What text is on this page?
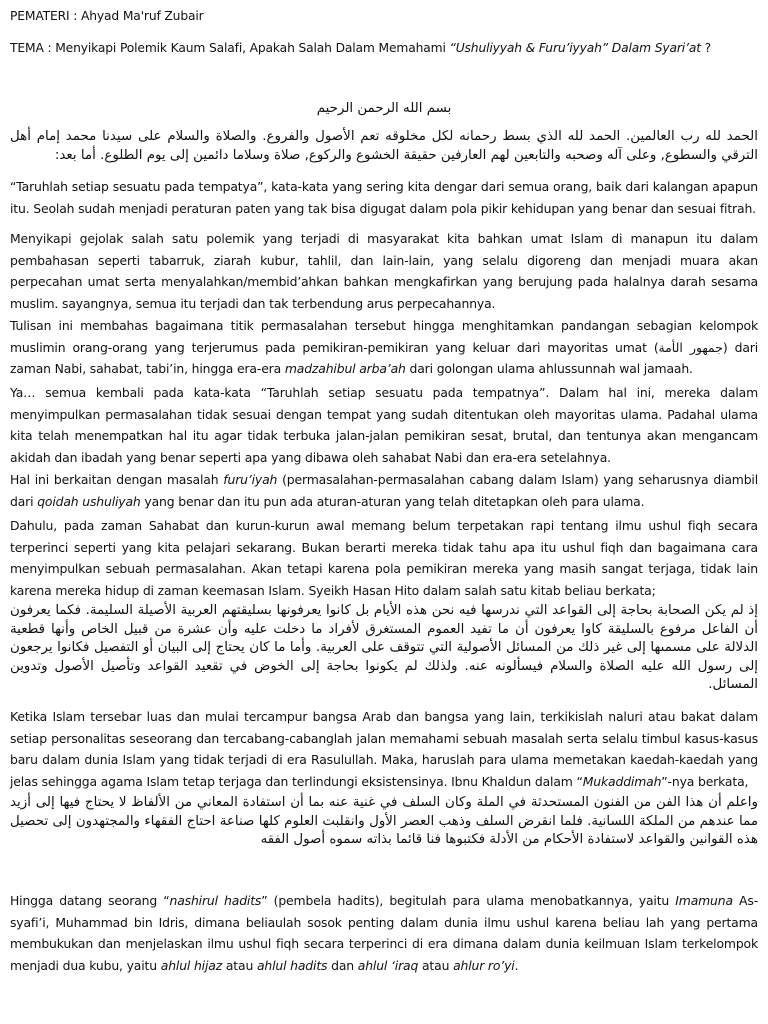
PEMATERI : Ahyad Ma'ruf Zubair
TEMA : Menyikapi Polemik Kaum Salafi, Apakah Salah Dalam Memahami “Ushuliyyah & Furu’iyyah” Dalam Syari’at ?
بسم الله الرحمن الرحيم
الحمد لله رب العالمين. الحمد لله الذي بسط رحمانه لكل مخلوقه تعم الأصول والفروع. والصلاة والسلام على سيدنا محمد إمام أهل الترقي والسطوع, وعلى آله وصحبه والتابعين لهم العارفين حقيقة الخشوع والركوع, صلاة وسلاما دائمين إلى يوم الطلوع. أما بعد:
“Taruhlah setiap sesuatu pada tempatya”, kata-kata yang sering kita dengar dari semua orang, baik dari kalangan apapun itu. Seolah sudah menjadi peraturan paten yang tak bisa digugat dalam pola pikir kehidupan yang benar dan sesuai fitrah.
Menyikapi gejolak salah satu polemik yang terjadi di masyarakat kita bahkan umat Islam di manapun itu dalam pembahasan seperti tabarruk, ziarah kubur, tahlil, dan lain-lain, yang selalu digoreng dan menjadi muara akan perpecahan umat serta menyalahkan/membid’ahkan bahkan mengkafirkan yang berujung pada halalnya darah sesama muslim. sayangnya, semua itu terjadi dan tak terbendung arus perpecahannya.
Tulisan ini membahas bagaimana titik permasalahan tersebut hingga menghitamkan pandangan sebagian kelompok muslimin orang-orang yang terjerumus pada pemikiran-pemikiran yang keluar dari mayoritas umat (جمهور الأمة) dari zaman Nabi, sahabat, tabi’in, hingga era-era madzahibul arba’ah dari golongan ulama ahlussunnah wal jamaah.
Ya… semua kembali pada kata-kata “Taruhlah setiap sesuatu pada tempatnya”. Dalam hal ini, mereka dalam menyimpulkan permasalahan tidak sesuai dengan tempat yang sudah ditentukan oleh mayoritas ulama. Padahal ulama kita telah menempatkan hal itu agar tidak terbuka jalan-jalan pemikiran sesat, brutal, dan tentunya akan mengancam akidah dan ibadah yang benar seperti apa yang dibawa oleh sahabat Nabi dan era-era setelahnya.
Hal ini berkaitan dengan masalah furu’iyah (permasalahan-permasalahan cabang dalam Islam) yang seharusnya diambil dari qoidah ushuliyah yang benar dan itu pun ada aturan-aturan yang telah ditetapkan oleh para ulama.
Dahulu, pada zaman Sahabat dan kurun-kurun awal memang belum terpetakan rapi tentang ilmu ushul fiqh secara terperinci seperti yang kita pelajari sekarang. Bukan berarti mereka tidak tahu apa itu ushul fiqh dan bagaimana cara menyimpulkan sebuah permasalahan. Akan tetapi karena pola pemikiran mereka yang masih sangat terjaga, tidak lain karena mereka hidup di zaman keemasan Islam. Syeikh Hasan Hito dalam salah satu kitab beliau berkata;
إذ لم يكن الصحابة بحاجة إلى القواعد التي ندرسها فيه نحن هذه الأيام بل كانوا يعرفونها بسليقتهم العربية الأصيلة السليمة. فكما يعرفون أن الفاعل مرفوع بالسليقة كاوا يعرفون أن ما تفيد العموم المستغرق لأفراد ما دخلت عليه وأن عشرة من قبيل الخاص وأنها قطعية الدلالة على مسمىها إلى غير ذلك من المسائل الأصولية التي تتوقف على العربية. وأما ما كان يحتاج إلى البيان أو التفصيل فكانوا يرجعون إلى رسول الله عليه الصلاة والسلام فيسألونه عنه. ولذلك لم يكونوا بحاجة إلى الخوض في تقعيد القواعد وتأصيل الأصول وتدوين المسائل.
Ketika Islam tersebar luas dan mulai tercampur bangsa Arab dan bangsa yang lain, terkikislah naluri atau bakat dalam setiap personalitas seseorang dan tercabang-cabanglah jalan memahami sebuah masalah serta selalu timbul kasus-kasus baru dalam dunia Islam yang tidak terjadi di era Rasulullah. Maka, haruslah para ulama memetakan kaedah-kaedah yang jelas sehingga agama Islam tetap terjaga dan terlindungi eksistensinya. Ibnu Khaldun dalam “Mukaddimah”-nya berkata,
واعلم أن هذا الفن من الفنون المستحدثة في الملة وكان السلف في غنية عنه بما أن استفادة المعاني من الألفاظ لا يحتاج فيها إلى أزيد مما عندهم من الملكة اللسانية. فلما انقرض السلف وذهب العصر الأول وانقلبت العلوم كلها صناعة احتاج الفقهاء والمجتهدون إلى تحصيل هذه القوانين والقواعد لاستفادة الأحكام من الأدلة فكتبوها فنا قائما بذاته سموه أصول الفقه
Hingga datang seorang “nashirul hadits” (pembela hadits), begitulah para ulama menobatkannya, yaitu Imamuna As-syafi’i, Muhammad bin Idris, dimana beliaulah sosok penting dalam dunia ilmu ushul karena beliau lah yang pertama membukukan dan menjelaskan ilmu ushul fiqh secara terperinci di era dimana dalam dunia keilmuan Islam terkelompok menjadi dua kubu, yaitu ahlul hijaz atau ahlul hadits dan ahlul ‘iraq atau ahlur ro’yi.
